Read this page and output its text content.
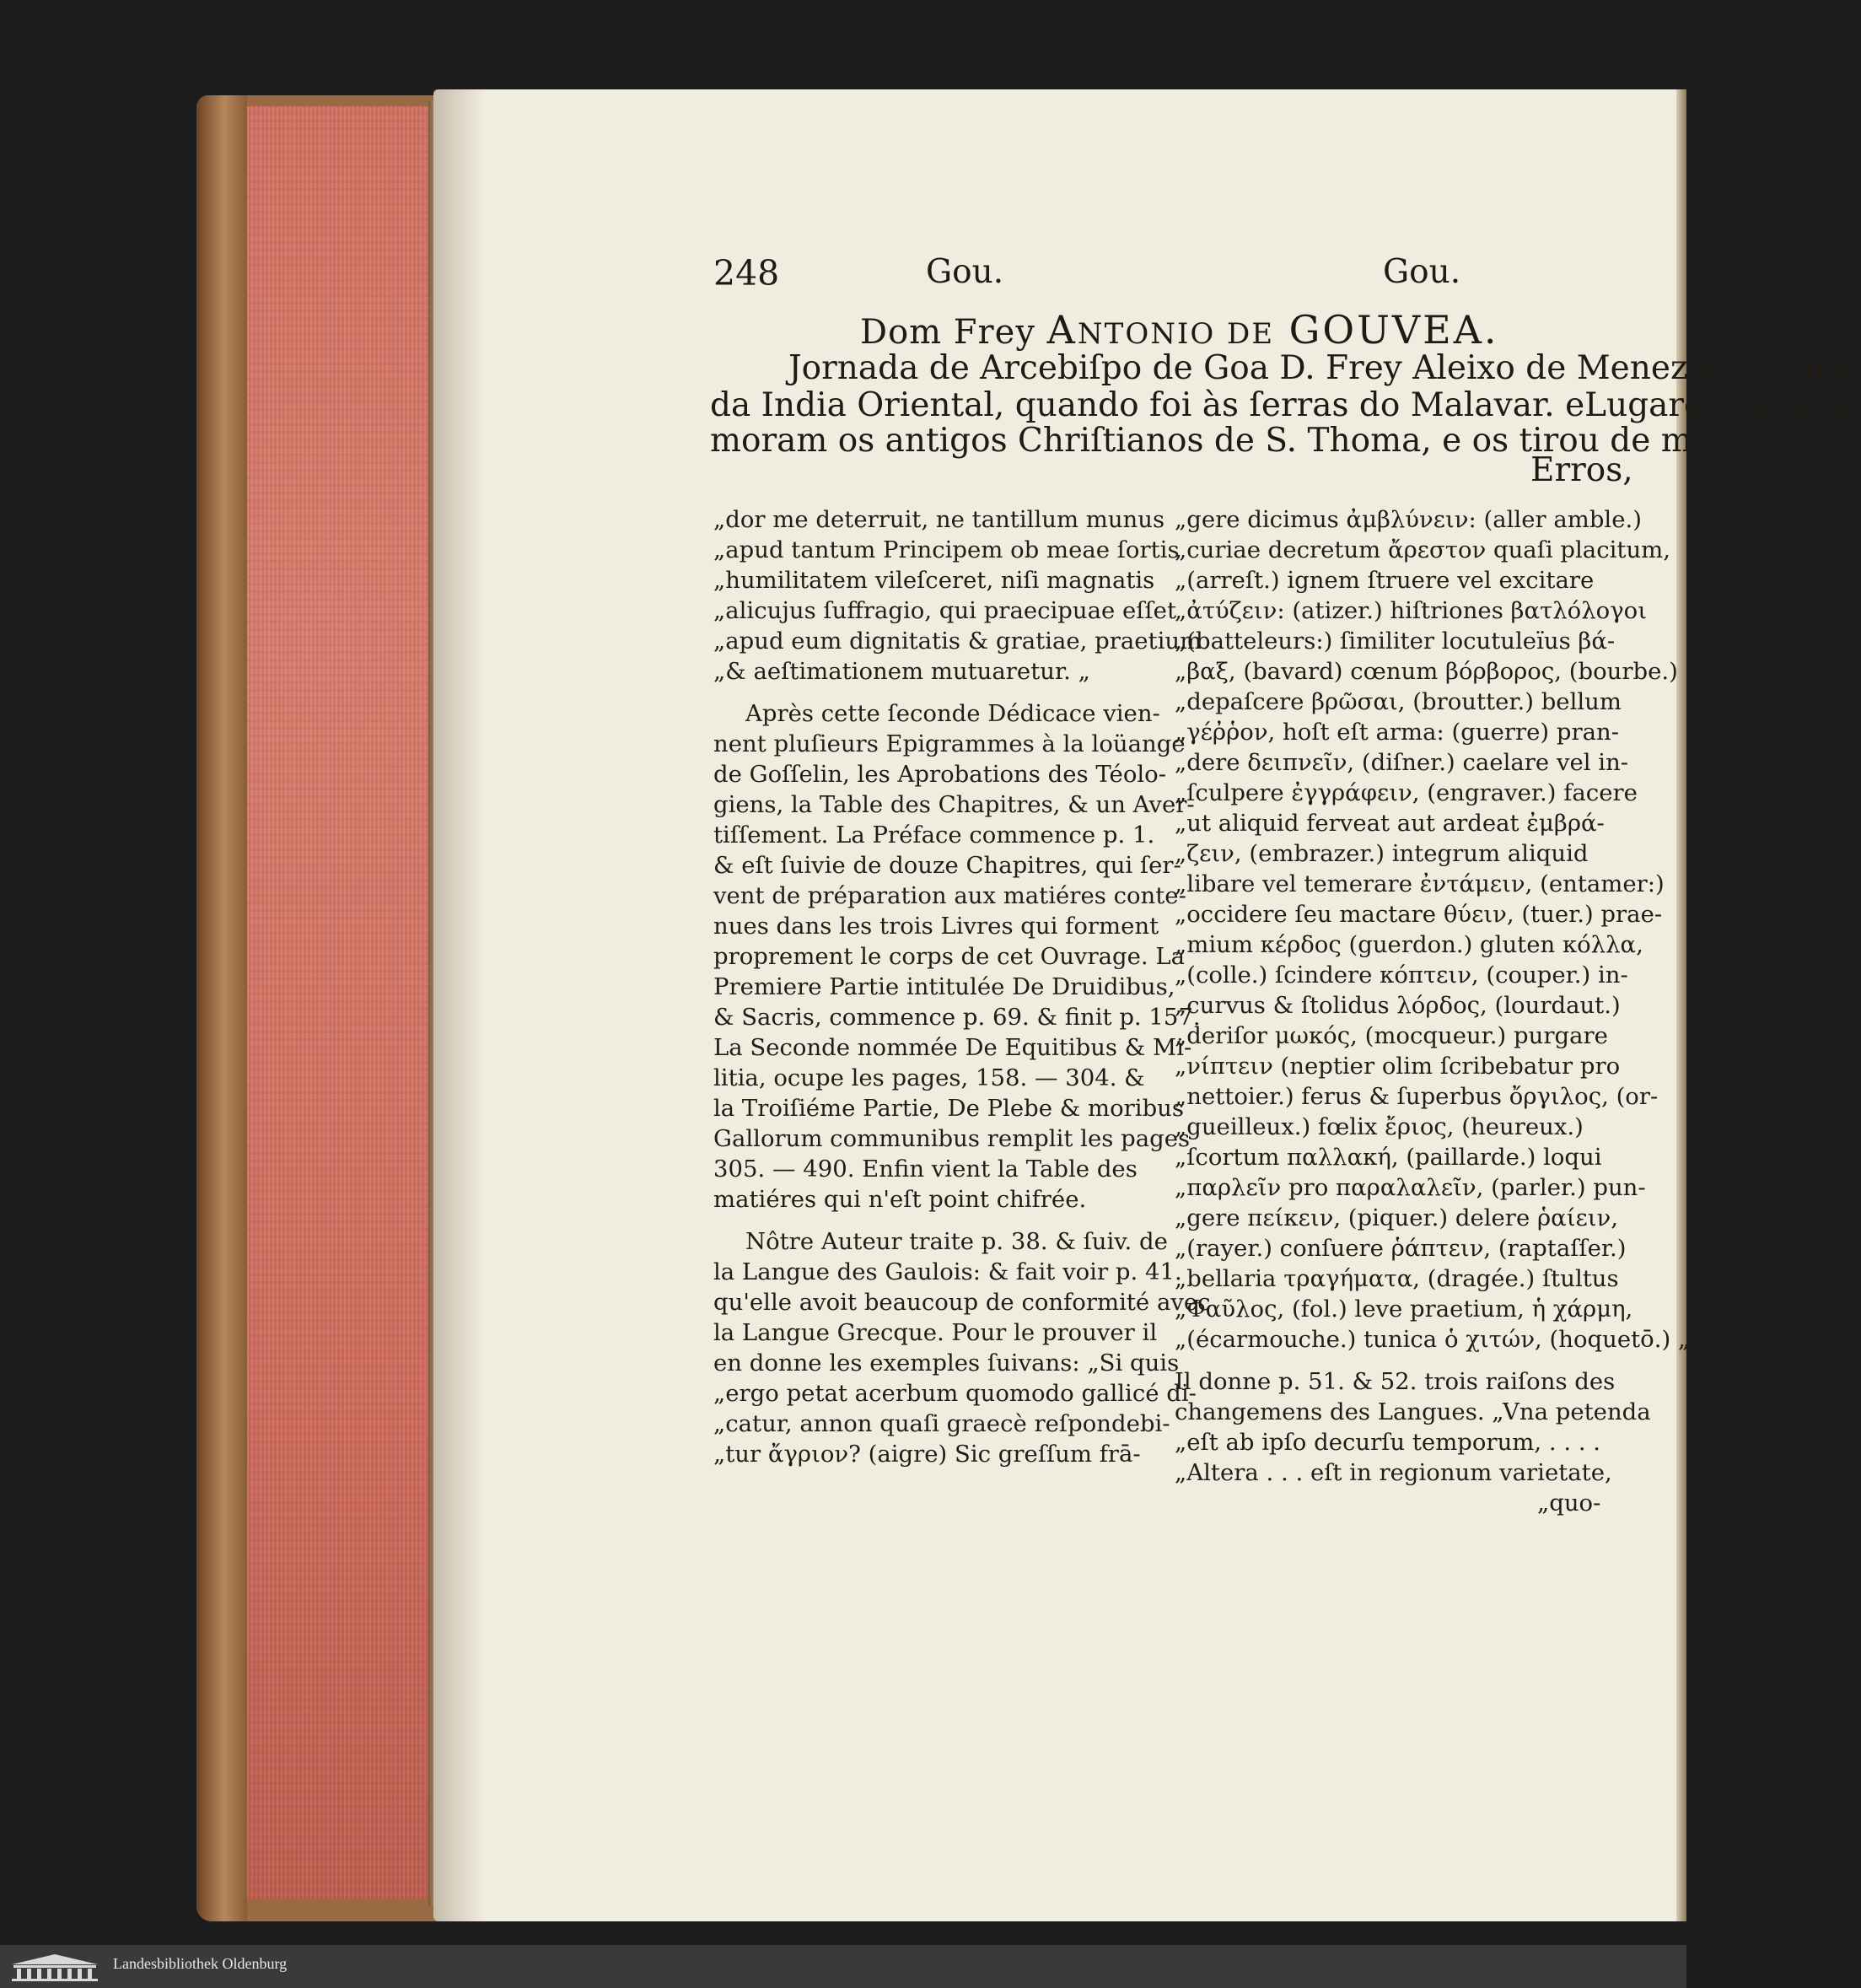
248	Gou.	Gou.
Dom Frey ANTONIO DE GOUVEA.
Jornada de Arcebiſpo de Goa D. Frey Aleixo de Menezes, Primas
da India Oriental, quando foi às ſerras do Malavar. eLugares em que
moram os antigos Chriſtianos de S. Thoma, e os tirou de muitos
Erros,

„dor me deterruit, ne tantillum munus

„apud tantum Principem ob meae ſortis

„humilitatem vileſceret, niſi magnatis

„alicujus ſuffragio, qui praecipuae eſſet

„apud eum dignitatis & gratiae, praetium

„& aeſtimationem mutuaretur. „

Après cette ſeconde Dédicace vien-

nent pluſieurs Epigrammes à la loüange

de Goſſelin, les Aprobations des Téolo-

giens, la Table des Chapitres, & un Aver-

tiſſement. La Préface commence p. 1.

& eſt ſuivie de douze Chapitres, qui ſer-

vent de préparation aux matiéres conte-

nues dans les trois Livres qui forment

proprement le corps de cet Ouvrage. La

Premiere Partie intitulée De Druidibus,

& Sacris, commence p. 69. & finit p. 157.

La Seconde nommée De Equitibus & Mi-

litia, ocupe les pages, 158. — 304. &

la Troiſiéme Partie, De Plebe & moribus

Gallorum communibus remplit les pages

305. — 490. Enfin vient la Table des

matiéres qui n'eſt point chifrée.

Nôtre Auteur traite p. 38. & ſuiv. de

la Langue des Gaulois: & fait voir p. 41.

qu'elle avoit beaucoup de conformité avec

la Langue Grecque. Pour le prouver il

en donne les exemples ſuivans: „Si quis

„ergo petat acerbum quomodo gallicé di-

„catur, annon quaſi graecè reſpondebi-

„tur ἄγριον? (aigre) Sic greſſum frā-

„gere dicimus ἀμβλύνειν: (aller amble.)

„curiae decretum ἄρεστον quaſi placitum,

„(arreſt.) ignem ſtruere vel excitare

„ἀτύζειν: (atizer.) hiſtriones βατλόλογοι

„(batteleurs:) ſimiliter locutuleïus βά-

„βαξ, (bavard) cœnum βόρβορος, (bourbe.)

„depaſcere βρῶσαι, (broutter.) bellum

„γέῤῥον, hoſt eſt arma: (guerre) pran-

„dere δειπνεῖν, (diſner.) caelare vel in-

„ſculpere ἐγγράφειν, (engraver.) facere

„ut aliquid ferveat aut ardeat ἐμβρά-

„ζειν, (embrazer.) integrum aliquid

„libare vel temerare ἐντάμειν, (entamer:)

„occidere ſeu mactare θύειν, (tuer.) prae-

„mium κέρδος (guerdon.) gluten κόλλα,

„(colle.) ſcindere κόπτειν, (couper.) in-

„curvus & ſtolidus λόρδος, (lourdaut.)

„deriſor μωκός, (mocqueur.) purgare

„νίπτειν (neptier olim ſcribebatur pro

„nettoier.) ferus & ſuperbus ὄργιλος, (or-

„gueilleux.) fœlix ἔριος, (heureux.)

„ſcortum παλλακή, (paillarde.) loqui

„παρλεῖν pro παραλαλεῖν, (parler.) pun-

„gere πείκειν, (piquer.) delere ῥαίειν,

„(rayer.) conſuere ῥάπτειν, (raptaſſer.)

„bellaria τραγήματα, (dragée.) ſtultus

„Φαῦλος, (fol.) leve praetium, ἡ χάρμη,

„(écarmouche.) tunica ὁ χιτών, (hoquetō.) „

Il donne p. 51. & 52. trois raiſons des

changemens des Langues. „Vna petenda

„eſt ab ipſo decurſu temporum, . . . .

„Altera . . . eſt in regionum varietate,

„quo-

Landesbibliothek Oldenburg
